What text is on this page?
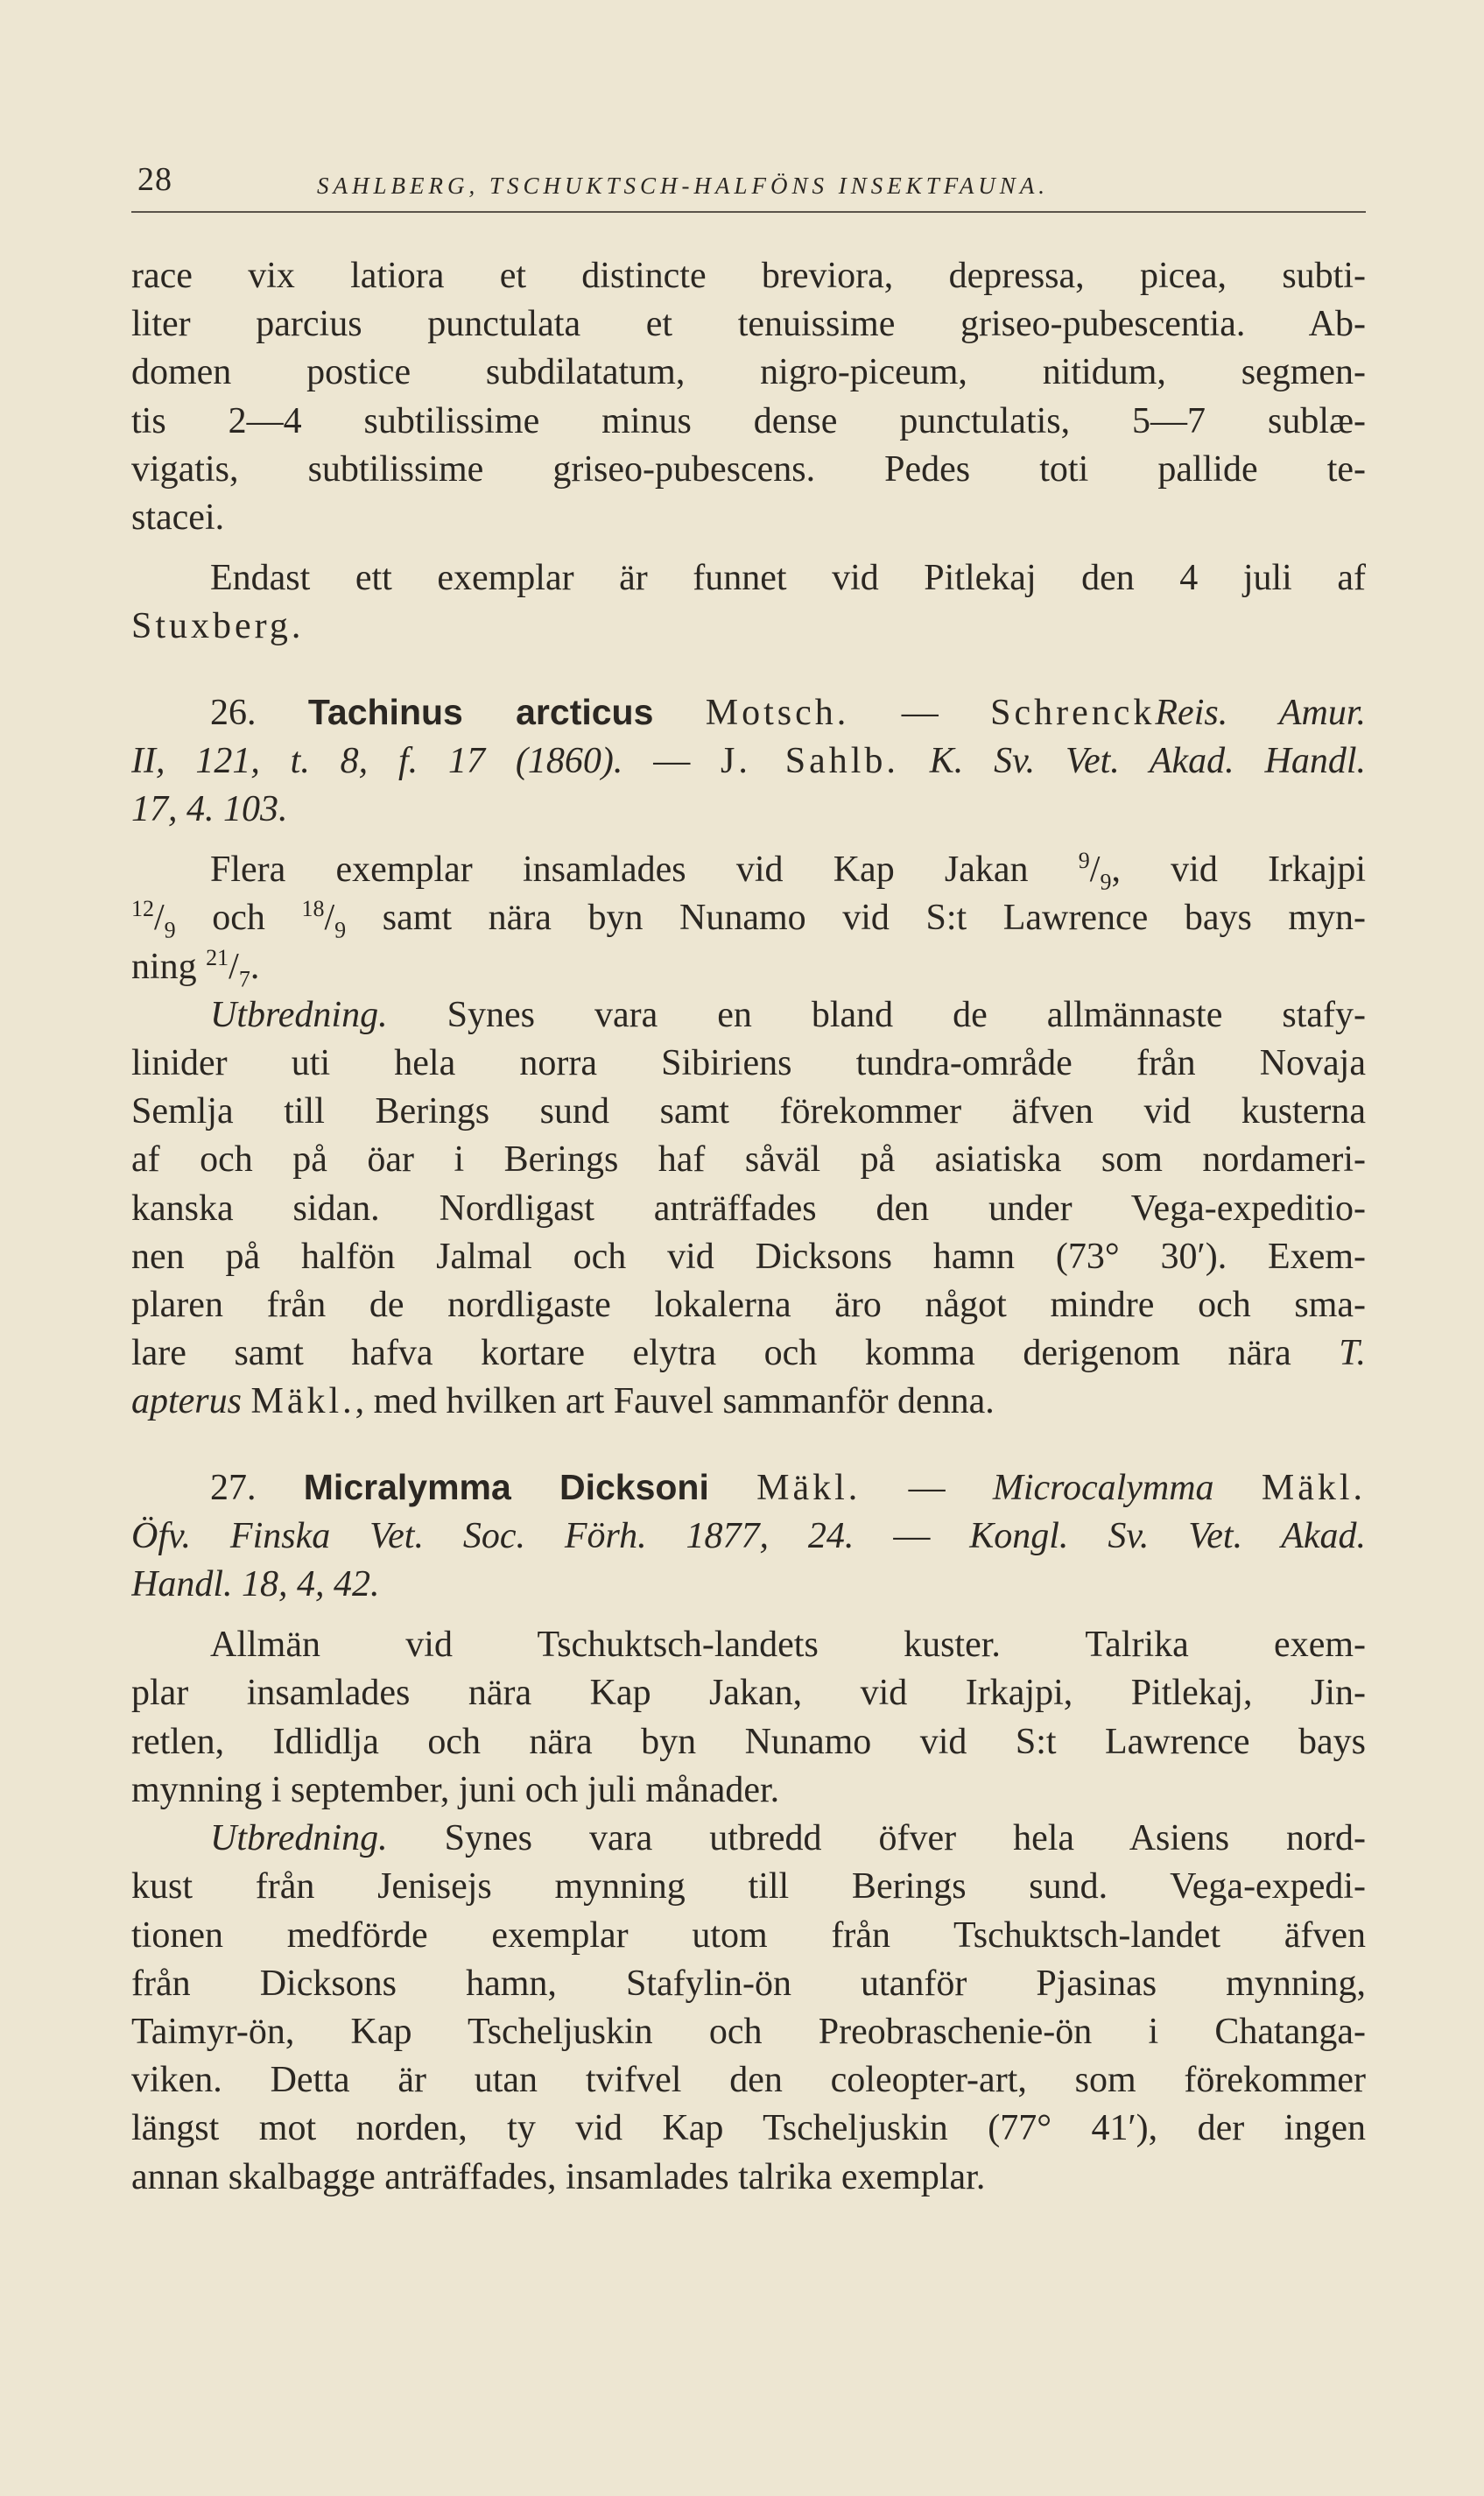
28	SAHLBERG, TSCHUKTSCH-HALFÖNS INSEKTFAUNA.
race vix latiora et distincte breviora, depressa, picea, subti-
liter parcius punctulata et tenuissime griseo-pubescentia. Ab-
domen postice subdilatatum, nigro-piceum, nitidum, segmen-
tis 2—4 subtilissime minus dense punctulatis, 5—7 sublæ-
vigatis, subtilissime griseo-pubescens. Pedes toti pallide te-
stacei.
Endast ett exemplar är funnet vid Pitlekaj den 4 juli af
Stuxberg.
26. Tachinus arcticus Motsch. — SchrenckReis. Amur.
II, 121, t. 8, f. 17 (1860). — J. Sahlb. K. Sv. Vet. Akad. Handl.
17, 4. 103.
Flera exemplar insamlades vid Kap Jakan $^9/_9$, vid Irkajpi
$^{12}/_9$ och $^{18}/_9$ samt nära byn Nunamo vid S:t Lawrence bays myn-
ning $^{21}/_7$.
Utbredning. Synes vara en bland de allmännaste stafy-
linider uti hela norra Sibiriens tundra-område från Novaja
Semlja till Berings sund samt förekommer äfven vid kusterna
af och på öar i Berings haf såväl på asiatiska som nordameri-
kanska sidan. Nordligast anträffades den under Vega-expeditio-
nen på halfön Jalmal och vid Dicksons hamn (73° 30′). Exem-
plaren från de nordligaste lokalerna äro något mindre och sma-
lare samt hafva kortare elytra och komma derigenom nära T.
apterus Mäkl., med hvilken art Fauvel sammanför denna.
27. Micralymma Dicksoni Mäkl. — Microcalymma Mäkl.
Öfv. Finska Vet. Soc. Förh. 1877, 24. — Kongl. Sv. Vet. Akad.
Handl. 18, 4, 42.
Allmän vid Tschuktsch-landets kuster. Talrika exem-
plar insamlades nära Kap Jakan, vid Irkajpi, Pitlekaj, Jin-
retlen, Idlidlja och nära byn Nunamo vid S:t Lawrence bays
mynning i september, juni och juli månader.
Utbredning. Synes vara utbredd öfver hela Asiens nord-
kust från Jenisejs mynning till Berings sund. Vega-expedi-
tionen medförde exemplar utom från Tschuktsch-landet äfven
från Dicksons hamn, Stafylin-ön utanför Pjasinas mynning,
Taimyr-ön, Kap Tscheljuskin och Preobraschenie-ön i Chatanga-
viken. Detta är utan tvifvel den coleopter-art, som förekommer
längst mot norden, ty vid Kap Tscheljuskin (77° 41′), der ingen
annan skalbagge anträffades, insamlades talrika exemplar.
